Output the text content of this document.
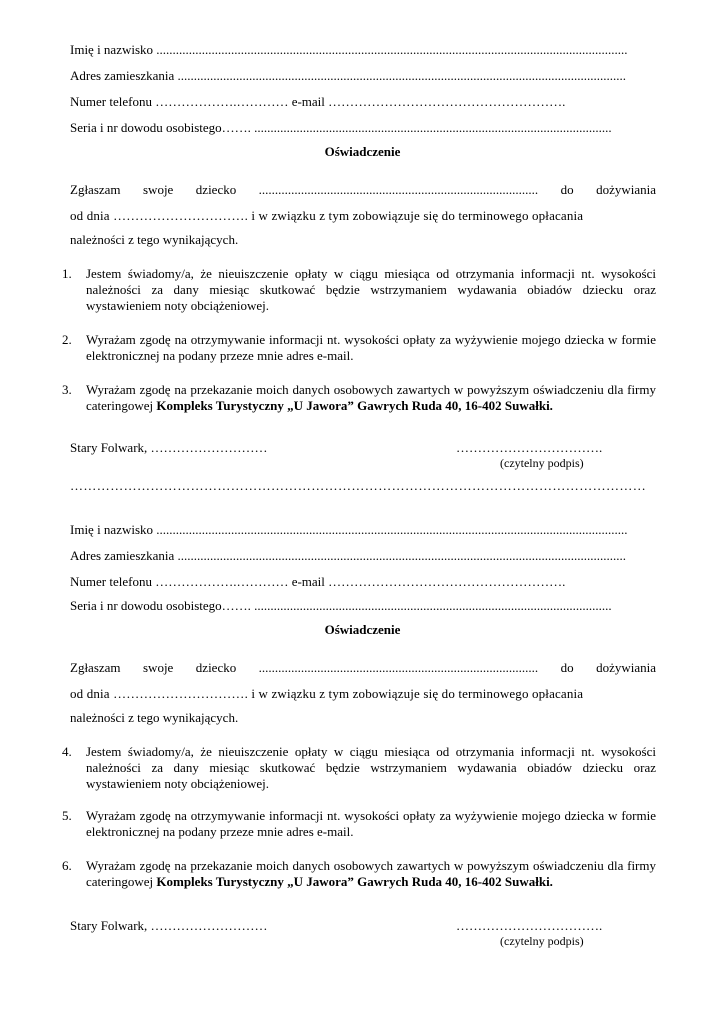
Imię i nazwisko .................................................................................................................................................
Adres zamieszkania ..........................................................................................................................................
Numer telefonu ……………….………… e-mail ……………………………………………….
Seria i nr dowodu osobistego……. ..............................................................................................................
Oświadczenie
Zgłaszam swoje dziecko ...................................................................................... do dożywiania
od dnia …………………………. i w związku z tym zobowiązuje się do terminowego opłacania
należności z tego wynikających.
1. Jestem świadomy/a, że nieuiszczenie opłaty w ciągu miesiąca od otrzymania informacji nt. wysokości należności za dany miesiąc skutkować będzie wstrzymaniem wydawania obiadów dziecku oraz wystawieniem noty obciążeniowej.
2. Wyrażam zgodę na otrzymywanie informacji nt. wysokości opłaty za wyżywienie mojego dziecka w formie elektronicznej na podany przeze mnie adres e-mail.
3. Wyrażam zgodę na przekazanie moich danych osobowych zawartych w powyższym oświadczeniu dla firmy cateringowej Kompleks Turystyczny „U Jawora” Gawrych Ruda 40, 16-402 Suwałki.
Stary Folwark, ………………………	…………………………….
(czytelny podpis)
…………………………………………………………………………………………………………………
Imię i nazwisko .................................................................................................................................................
Adres zamieszkania ..........................................................................................................................................
Numer telefonu ……………….………… e-mail ……………………………………………….
Seria i nr dowodu osobistego……. ..............................................................................................................
Oświadczenie
Zgłaszam swoje dziecko ...................................................................................... do dożywiania
od dnia …………………………. i w związku z tym zobowiązuje się do terminowego opłacania
należności z tego wynikających.
4. Jestem świadomy/a, że nieuiszczenie opłaty w ciągu miesiąca od otrzymania informacji nt. wysokości należności za dany miesiąc skutkować będzie wstrzymaniem wydawania obiadów dziecku oraz wystawieniem noty obciążeniowej.
5. Wyrażam zgodę na otrzymywanie informacji nt. wysokości opłaty za wyżywienie mojego dziecka w formie elektronicznej na podany przeze mnie adres e-mail.
6. Wyrażam zgodę na przekazanie moich danych osobowych zawartych w powyższym oświadczeniu dla firmy cateringowej Kompleks Turystyczny „U Jawora” Gawrych Ruda 40, 16-402 Suwałki.
Stary Folwark, ………………………	…………………………….
(czytelny podpis)
